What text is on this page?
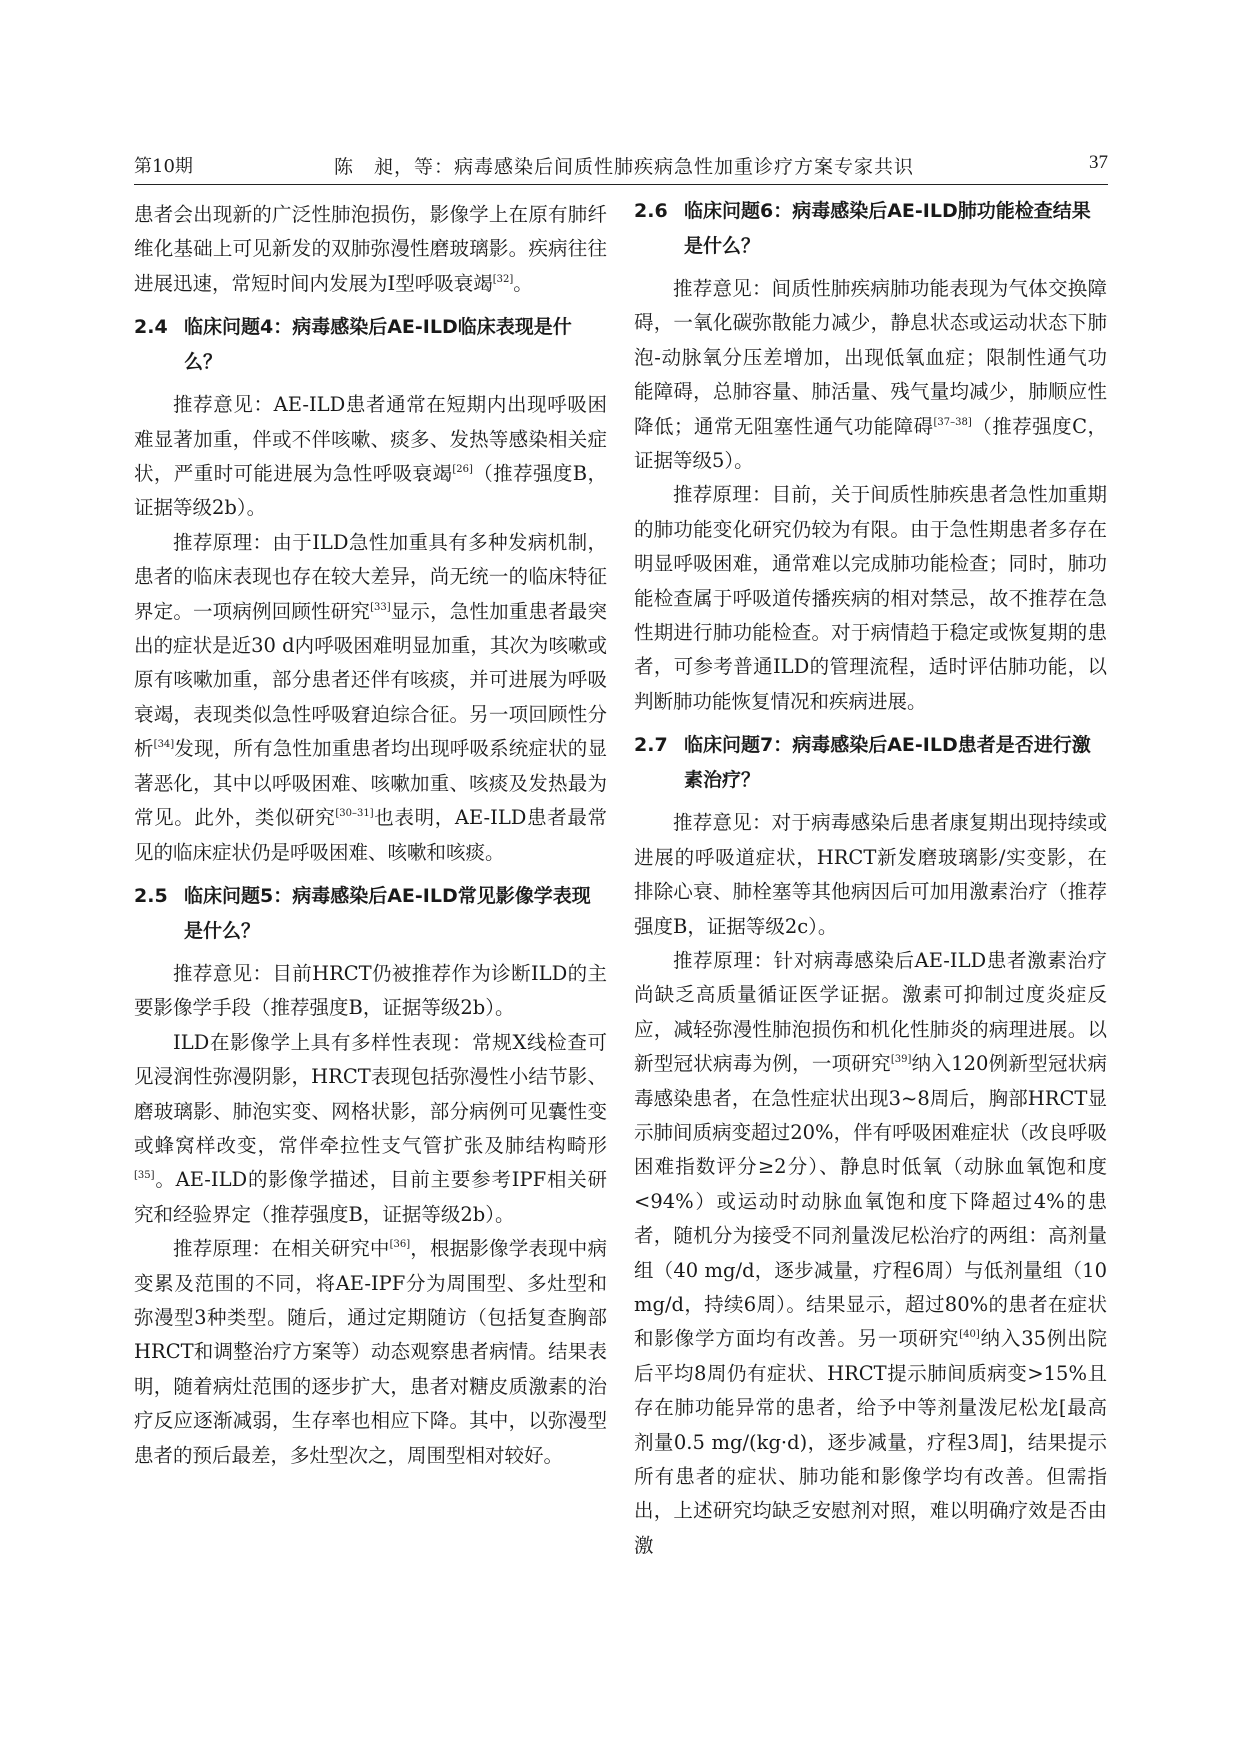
第10期	陈　昶，等：病毒感染后间质性肺疾病急性加重诊疗方案专家共识	37

患者会出现新的广泛性肺泡损伤，影像学上在原有肺纤维化基础上可见新发的双肺弥漫性磨玻璃影。疾病往往进展迅速，常短时间内发展为Ⅰ型呼吸衰竭[32]。

2.4 临床问题4：病毒感染后AE-ILD临床表现是什么？

推荐意见：AE-ILD患者通常在短期内出现呼吸困难显著加重，伴或不伴咳嗽、痰多、发热等感染相关症状，严重时可能进展为急性呼吸衰竭[26]（推荐强度B，证据等级2b）。

推荐原理：由于ILD急性加重具有多种发病机制，患者的临床表现也存在较大差异，尚无统一的临床特征界定。一项病例回顾性研究[33]显示，急性加重患者最突出的症状是近30 d内呼吸困难明显加重，其次为咳嗽或原有咳嗽加重，部分患者还伴有咳痰，并可进展为呼吸衰竭，表现类似急性呼吸窘迫综合征。另一项回顾性分析[34]发现，所有急性加重患者均出现呼吸系统症状的显著恶化，其中以呼吸困难、咳嗽加重、咳痰及发热最为常见。此外，类似研究[30–31]也表明，AE-ILD患者最常见的临床症状仍是呼吸困难、咳嗽和咳痰。

2.5 临床问题5：病毒感染后AE-ILD常见影像学表现是什么？

推荐意见：目前HRCT仍被推荐作为诊断ILD的主要影像学手段（推荐强度B，证据等级2b）。

ILD在影像学上具有多样性表现：常规X线检查可见浸润性弥漫阴影，HRCT表现包括弥漫性小结节影、磨玻璃影、肺泡实变、网格状影，部分病例可见囊性变或蜂窝样改变，常伴牵拉性支气管扩张及肺结构畸形[35]。AE-ILD的影像学描述，目前主要参考IPF相关研究和经验界定（推荐强度B，证据等级2b）。

推荐原理：在相关研究中[36]，根据影像学表现中病变累及范围的不同，将AE-IPF分为周围型、多灶型和弥漫型3种类型。随后，通过定期随访（包括复查胸部HRCT和调整治疗方案等）动态观察患者病情。结果表明，随着病灶范围的逐步扩大，患者对糖皮质激素的治疗反应逐渐减弱，生存率也相应下降。其中，以弥漫型患者的预后最差，多灶型次之，周围型相对较好。

2.6 临床问题6：病毒感染后AE-ILD肺功能检查结果是什么？

推荐意见：间质性肺疾病肺功能表现为气体交换障碍，一氧化碳弥散能力减少，静息状态或运动状态下肺泡-动脉氧分压差增加，出现低氧血症；限制性通气功能障碍，总肺容量、肺活量、残气量均减少，肺顺应性降低；通常无阻塞性通气功能障碍[37–38]（推荐强度C，证据等级5）。

推荐原理：目前，关于间质性肺疾患者急性加重期的肺功能变化研究仍较为有限。由于急性期患者多存在明显呼吸困难，通常难以完成肺功能检查；同时，肺功能检查属于呼吸道传播疾病的相对禁忌，故不推荐在急性期进行肺功能检查。对于病情趋于稳定或恢复期的患者，可参考普通ILD的管理流程，适时评估肺功能，以判断肺功能恢复情况和疾病进展。

2.7 临床问题7：病毒感染后AE-ILD患者是否进行激素治疗？

推荐意见：对于病毒感染后患者康复期出现持续或进展的呼吸道症状，HRCT新发磨玻璃影/实变影，在排除心衰、肺栓塞等其他病因后可加用激素治疗（推荐强度B，证据等级2c）。

推荐原理：针对病毒感染后AE-ILD患者激素治疗尚缺乏高质量循证医学证据。激素可抑制过度炎症反应，减轻弥漫性肺泡损伤和机化性肺炎的病理进展。以新型冠状病毒为例，一项研究[39]纳入120例新型冠状病毒感染患者，在急性症状出现3~8周后，胸部HRCT显示肺间质病变超过20%，伴有呼吸困难症状（改良呼吸困难指数评分≥2分）、静息时低氧（动脉血氧饱和度<94%）或运动时动脉血氧饱和度下降超过4%的患者，随机分为接受不同剂量泼尼松治疗的两组：高剂量组（40 mg/d，逐步减量，疗程6周）与低剂量组（10 mg/d，持续6周）。结果显示，超过80%的患者在症状和影像学方面均有改善。另一项研究[40]纳入35例出院后平均8周仍有症状、HRCT提示肺间质病变>15%且存在肺功能异常的患者，给予中等剂量泼尼松龙[最高剂量0.5 mg/(kg·d)，逐步减量，疗程3周]，结果提示所有患者的症状、肺功能和影像学均有改善。但需指出，上述研究均缺乏安慰剂对照，难以明确疗效是否由激
